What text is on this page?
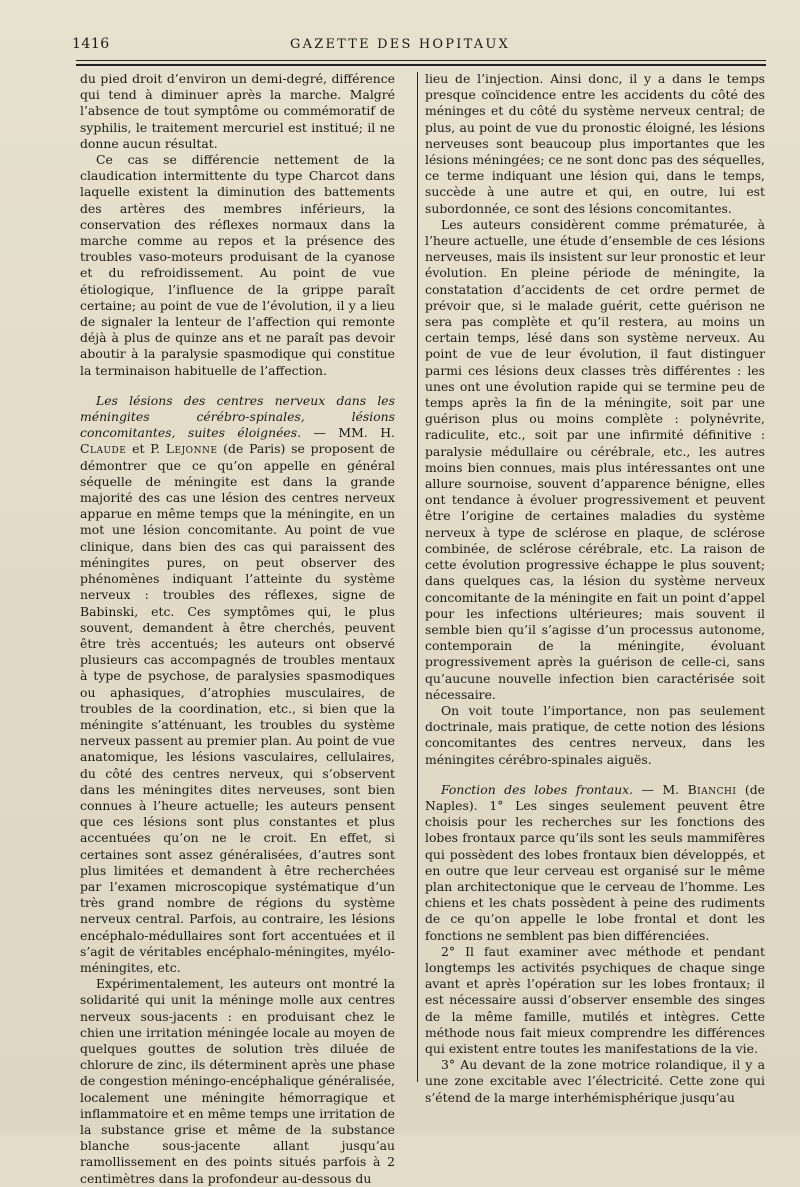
1416	GAZETTE DES HOPITAUX

du pied droit d’environ un demi-degré, différence qui tend à diminuer après la marche. Malgré l’absence de tout symptôme ou commémoratif de syphilis, le traitement mercuriel est institué; il ne donne aucun résultat.

Ce cas se différencie nettement de la claudication intermittente du type Charcot dans laquelle existent la diminution des battements des artères des membres inférieurs, la conservation des réflexes normaux dans la marche comme au repos et la présence des troubles vaso-moteurs produisant de la cyanose et du refroidissement. Au point de vue étiologique, l’influence de la grippe paraît certaine; au point de vue de l’évolution, il y a lieu de signaler la lenteur de l’affection qui remonte déjà à plus de quinze ans et ne paraît pas devoir aboutir à la paralysie spasmodique qui constitue la terminaison habituelle de l’affection.

Les lésions des centres nerveux dans les méningites cérébro-spinales, lésions concomitantes, suites éloignées. — MM. H. Claude et P. Lejonne (de Paris) se proposent de démontrer que ce qu’on appelle en général séquelle de méningite est dans la grande majorité des cas une lésion des centres nerveux apparue en même temps que la méningite, en un mot une lésion concomitante. Au point de vue clinique, dans bien des cas qui paraissent des méningites pures, on peut observer des phénomènes indiquant l’atteinte du système nerveux : troubles des réflexes, signe de Babinski, etc. Ces symptômes qui, le plus souvent, demandent à être cherchés, peuvent être très accentués; les auteurs ont observé plusieurs cas accompagnés de troubles mentaux à type de psychose, de paralysies spasmodiques ou aphasiques, d’atrophies musculaires, de troubles de la coordination, etc., si bien que la méningite s’atténuant, les troubles du système nerveux passent au premier plan. Au point de vue anatomique, les lésions vasculaires, cellulaires, du côté des centres nerveux, qui s’observent dans les méningites dites nerveuses, sont bien connues à l’heure actuelle; les auteurs pensent que ces lésions sont plus constantes et plus accentuées qu’on ne le croit. En effet, si certaines sont assez généralisées, d’autres sont plus limitées et demandent à être recherchées par l’examen microscopique systématique d’un très grand nombre de régions du système nerveux central. Parfois, au contraire, les lésions encéphalo-médullaires sont fort accentuées et il s’agit de véritables encéphalo-méningites, myélo-méningites, etc.

Expérimentalement, les auteurs ont montré la solidarité qui unit la méninge molle aux centres nerveux sous-jacents : en produisant chez le chien une irritation méningée locale au moyen de quelques gouttes de solution très diluée de chlorure de zinc, ils déterminent après une phase de congestion méningo-encéphalique généralisée, localement une méningite hémorragique et inflammatoire et en même temps une irritation de la substance grise et même de la substance blanche sous-jacente allant jusqu’au ramollissement en des points situés parfois à 2 centimètres dans la profondeur au-dessous du

lieu de l’injection. Ainsi donc, il y a dans le temps presque coïncidence entre les accidents du côté des méninges et du côté du système nerveux central; de plus, au point de vue du pronostic éloigné, les lésions nerveuses sont beaucoup plus importantes que les lésions méningées; ce ne sont donc pas des séquelles, ce terme indiquant une lésion qui, dans le temps, succède à une autre et qui, en outre, lui est subordonnée, ce sont des lésions concomitantes.

Les auteurs considèrent comme prématurée, à l’heure actuelle, une étude d’ensemble de ces lésions nerveuses, mais ils insistent sur leur pronostic et leur évolution. En pleine période de méningite, la constatation d’accidents de cet ordre permet de prévoir que, si le malade guérit, cette guérison ne sera pas complète et qu’il restera, au moins un certain temps, lésé dans son système nerveux. Au point de vue de leur évolution, il faut distinguer parmi ces lésions deux classes très différentes : les unes ont une évolution rapide qui se termine peu de temps après la fin de la méningite, soit par une guérison plus ou moins complète : polynévrite, radiculite, etc., soit par une infirmité définitive : paralysie médullaire ou cérébrale, etc., les autres moins bien connues, mais plus intéressantes ont une allure sournoise, souvent d’apparence bénigne, elles ont tendance à évoluer progressivement et peuvent être l’origine de certaines maladies du système nerveux à type de sclérose en plaque, de sclérose combinée, de sclérose cérébrale, etc. La raison de cette évolution progressive échappe le plus souvent; dans quelques cas, la lésion du système nerveux concomitante de la méningite en fait un point d’appel pour les infections ultérieures; mais souvent il semble bien qu’il s’agisse d’un processus autonome, contemporain de la méningite, évoluant progressivement après la guérison de celle-ci, sans qu’aucune nouvelle infection bien caractérisée soit nécessaire.

On voit toute l’importance, non pas seulement doctrinale, mais pratique, de cette notion des lésions concomitantes des centres nerveux, dans les méningites cérébro-spinales aiguës.

Fonction des lobes frontaux. — M. Bianchi (de Naples). 1° Les singes seulement peuvent être choisis pour les recherches sur les fonctions des lobes frontaux parce qu’ils sont les seuls mammifères qui possèdent des lobes frontaux bien développés, et en outre que leur cerveau est organisé sur le même plan architectonique que le cerveau de l’homme. Les chiens et les chats possèdent à peine des rudiments de ce qu’on appelle le lobe frontal et dont les fonctions ne semblent pas bien différenciées.

2° Il faut examiner avec méthode et pendant longtemps les activités psychiques de chaque singe avant et après l’opération sur les lobes frontaux; il est nécessaire aussi d’observer ensemble des singes de la même famille, mutilés et intègres. Cette méthode nous fait mieux comprendre les différences qui existent entre toutes les manifestations de la vie.

3° Au devant de la zone motrice rolandique, il y a une zone excitable avec l’électricité. Cette zone qui s’étend de la marge interhémisphérique jusqu’au
